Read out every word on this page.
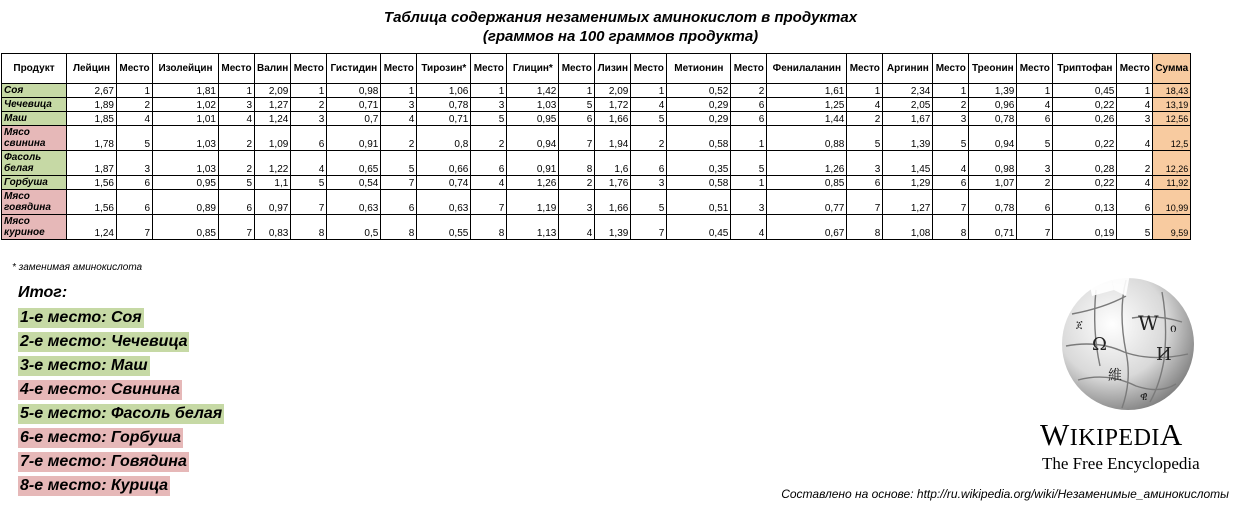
Таблица содержания незаменимых аминокислот в продуктах
(граммов на 100 граммов продукта)
Продукт	Лейцин	Место	Изолейцин	Место	Валин	Место	Гистидин	Место	Тирозин*	Место	Глицин*	Место	Лизин	Место	Метионин	Место	Фенилаланин	Место	Аргинин	Место	Треонин	Место	Триптофан	Место	Сумма
Соя	2,67	1	1,81	1	2,09	1	0,98	1	1,06	1	1,42	1	2,09	1	0,52	2	1,61	1	2,34	1	1,39	1	0,45	1	18,43
Чечевица	1,89	2	1,02	3	1,27	2	0,71	3	0,78	3	1,03	5	1,72	4	0,29	6	1,25	4	2,05	2	0,96	4	0,22	4	13,19
Маш	1,85	4	1,01	4	1,24	3	0,7	4	0,71	5	0,95	6	1,66	5	0,29	6	1,44	2	1,67	3	0,78	6	0,26	3	12,56
Мясо свинина	1,78	5	1,03	2	1,09	6	0,91	2	0,8	2	0,94	7	1,94	2	0,58	1	0,88	5	1,39	5	0,94	5	0,22	4	12,5
Фасоль белая	1,87	3	1,03	2	1,22	4	0,65	5	0,66	6	0,91	8	1,6	6	0,35	5	1,26	3	1,45	4	0,98	3	0,28	2	12,26
Горбуша	1,56	6	0,95	5	1,1	5	0,54	7	0,74	4	1,26	2	1,76	3	0,58	1	0,85	6	1,29	6	1,07	2	0,22	4	11,92
Мясо говядина	1,56	6	0,89	6	0,97	7	0,63	6	0,63	7	1,19	3	1,66	5	0,51	3	0,77	7	1,27	7	0,78	6	0,13	6	10,99
Мясо куриное	1,24	7	0,85	7	0,83	8	0,5	8	0,55	8	1,13	4	1,39	7	0,45	4	0,67	8	1,08	8	0,71	7	0,19	5	9,59
* заменимая аминокислота
Итог:
1-е место: Соя
2-е место: Чечевица
3-е место: Маш
4-е место: Свинина
5-е место: Фасоль белая
6-е место: Горбуша
7-е место: Говядина
8-е место: Курица
W
Ω	И
維
ዊ
ი
ጀ
WIKIPEDIA
The Free Encyclopedia
Составлено на основе: http://ru.wikipedia.org/wiki/Незаменимые_аминокислоты
